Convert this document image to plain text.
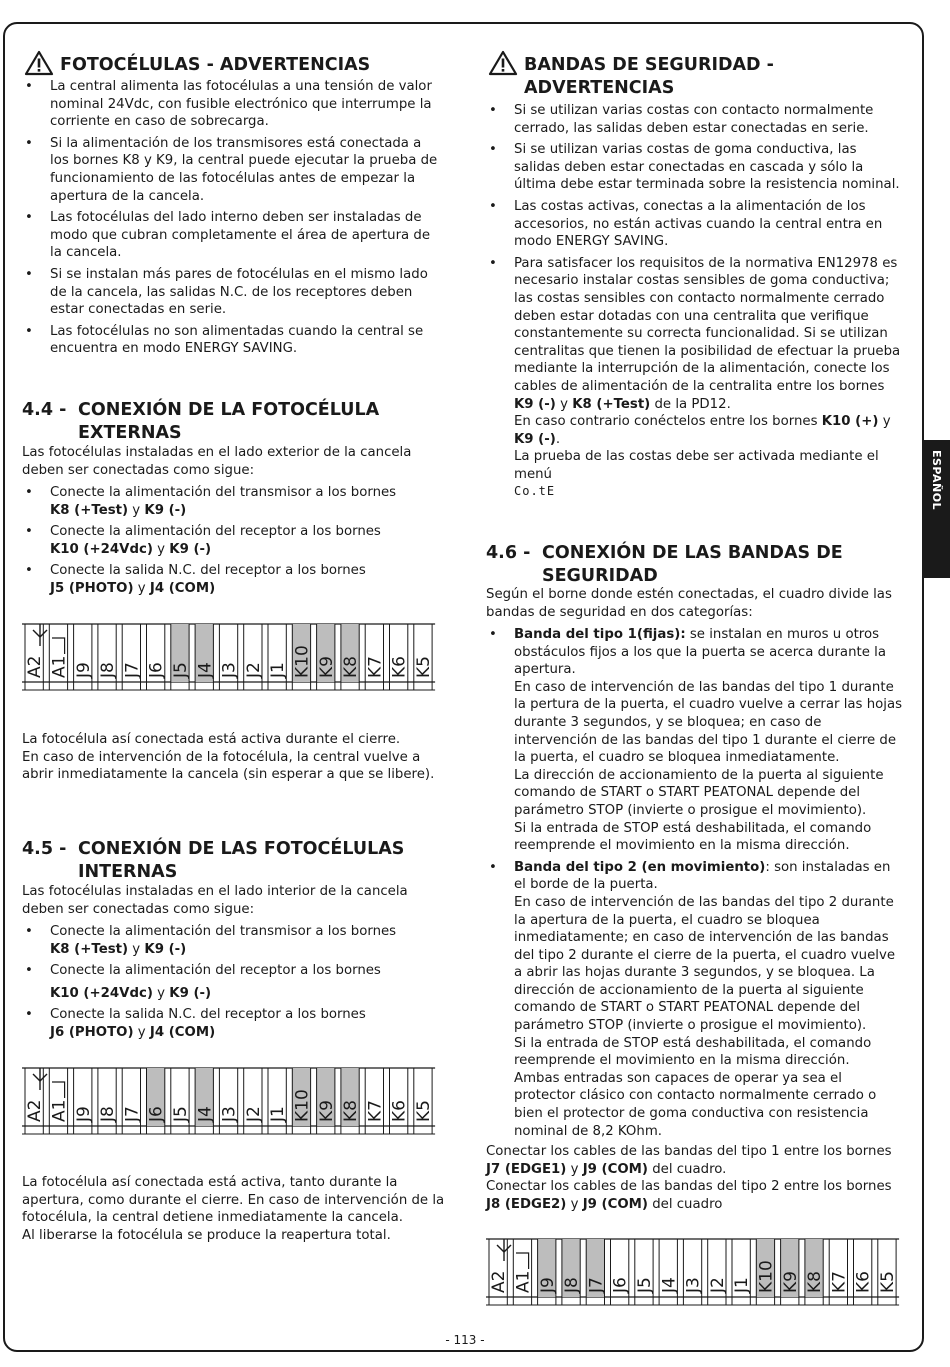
FOTOCÉLULAS - ADVERTENCIAS
• La central alimenta las fotocélulas a una tensión de valor nominal 24Vdc, con fusible electrónico que interrumpe la corriente en caso de sobrecarga.
• Si la alimentación de los transmisores está conectada a los bornes K8 y K9, la central puede ejecutar la prueba de funcionamiento de las fotocélulas antes de empezar la apertura de la cancela.
• Las fotocélulas del lado interno deben ser instaladas de modo que cubran completamente el área de apertura de la cancela.
• Si se instalan más pares de fotocélulas en el mismo lado de la cancela, las salidas N.C. de los receptores deben estar conectadas en serie.
• Las fotocélulas no son alimentadas cuando la central se encuentra en modo ENERGY SAVING.
4.4 - CONEXIÓN DE LA FOTOCÉLULA
EXTERNAS
Las fotocélulas instaladas en el lado exterior de la cancela deben ser conectadas como sigue:
• Conecte la alimentación del transmisor a los bornes
K8 (+Test) y K9 (-)
• Conecte la alimentación del receptor a los bornes
K10 (+24Vdc) y K9 (-)
• Conecte la salida N.C. del receptor a los bornes
J5 (PHOTO) y J4 (COM)
A2 A1 J9 J8 J7 J6 J5 J4 J3 J2 J1 K10 K9 K8 K7 K6 K5
La fotocélula así conectada está activa durante el cierre.
En caso de intervención de la fotocélula, la central vuelve a abrir inmediatamente la cancela (sin esperar a que se libere).
4.5 - CONEXIÓN DE LAS FOTOCÉLULAS
INTERNAS
Las fotocélulas instaladas en el lado interior de la cancela deben ser conectadas como sigue:
• Conecte la alimentación del transmisor a los bornes
K8 (+Test) y K9 (-)
• Conecte la alimentación del receptor a los bornes

K10 (+24Vdc) y K9 (-)
• Conecte la salida N.C. del receptor a los bornes
J6 (PHOTO) y J4 (COM)
A2 A1 J9 J8 J7 J6 J5 J4 J3 J2 J1 K10 K9 K8 K7 K6 K5
La fotocélula así conectada está activa, tanto durante la apertura, como durante el cierre. En caso de intervención de la fotocélula, la central detiene inmediatamente la cancela.
Al liberarse la fotocélula se produce la reapertura total.
BANDAS DE SEGURIDAD -
ADVERTENCIAS
• Si se utilizan varias costas con contacto normalmente cerrado, las salidas deben estar conectadas en serie.
• Si se utilizan varias costas de goma conductiva, las salidas deben estar conectadas en cascada y sólo la última debe estar terminada sobre la resistencia nominal.
• Las costas activas, conectas a la alimentación de los accesorios, no están activas cuando la central entra en modo ENERGY SAVING.
• Para satisfacer los requisitos de la normativa EN12978 es necesario instalar costas sensibles de goma conductiva; las costas sensibles con contacto normalmente cerrado deben estar dotadas con una centralita que verifique constantemente su correcta funcionalidad. Si se utilizan centralitas que tienen la posibilidad de efectuar la prueba mediante la interrupción de la alimentación, conecte los cables de alimentación de la centralita entre los bornes K9 (-) y K8 (+Test) de la PD12.
En caso contrario conéctelos entre los bornes K10 (+) y K9 (-).
La prueba de las costas debe ser activada mediante el menú
Co.tE
4.6 - CONEXIÓN DE LAS BANDAS DE
SEGURIDAD
Según el borne donde estén conectadas, el cuadro divide las bandas de seguridad en dos categorías:
• Banda del tipo 1(fijas): se instalan en muros u otros obstáculos fijos a los que la puerta se acerca durante la apertura.
En caso de intervención de las bandas del tipo 1 durante la pertura de la puerta, el cuadro vuelve a cerrar las hojas durante 3 segundos, y se bloquea; en caso de intervención de las bandas del tipo 1 durante el cierre de la puerta, el cuadro se bloquea inmediatamente.
La dirección de accionamiento de la puerta al siguiente comando de START o START PEATONAL depende del parámetro STOP (invierte o prosigue el movimiento).
Si la entrada de STOP está deshabilitada, el comando reemprende el movimiento en la misma dirección.
• Banda del tipo 2 (en movimiento): son instaladas en el borde de la puerta.
En caso de intervención de las bandas del tipo 2 durante la apertura de la puerta, el cuadro se bloquea inmediatamente; en caso de intervención de las bandas del tipo 2 durante el cierre de la puerta, el cuadro vuelve a abrir las hojas durante 3 segundos, y se bloquea. La dirección de accionamiento de la puerta al siguiente comando de START o START PEATONAL depende del parámetro STOP (invierte o prosigue el movimiento).
Si la entrada de STOP está deshabilitada, el comando reemprende el movimiento en la misma dirección.
Ambas entradas son capaces de operar ya sea el protector clásico con contacto normalmente cerrado o bien el protector de goma conductiva con resistencia nominal de 8,2 KOhm.
Conectar los cables de las bandas del tipo 1 entre los bornes
J7 (EDGE1) y J9 (COM) del cuadro.
Conectar los cables de las bandas del tipo 2 entre los bornes
J8 (EDGE2) y J9 (COM) del cuadro
A2 A1 J9 J8 J7 J6 J5 J4 J3 J2 J1 K10 K9 K8 K7 K6 K5
ESPAÑOL
- 113 -
